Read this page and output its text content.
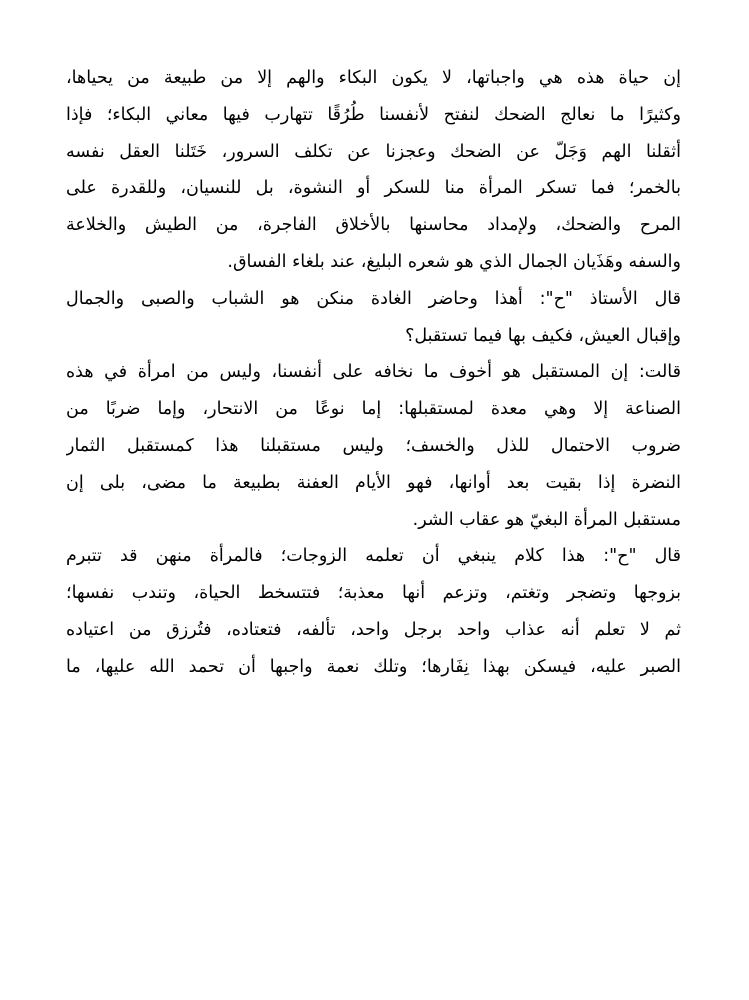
إن حياة هذه هي واجباتها، لا يكون البكاء والهم إلا من طبيعة من يحياها،
وكثيرًا ما نعالج الضحك لنفتح لأنفسنا طُرُقًا تتهارب فيها معاني البكاء؛ فإذا
أثقلنا الهم وَجَلّ عن الضحك وعجزنا عن تكلف السرور، خَتَلنا العقل نفسه
بالخمر؛ فما تسكر المرأة منا للسكر أو النشوة، بل للنسيان، وللقدرة على
المرح والضحك، ولإمداد محاسنها بالأخلاق الفاجرة، من الطيش والخلاعة
والسفه وهَذَيان الجمال الذي هو شعره البليغ، عند بلغاء الفساق.
قال الأستاذ "ح": أهذا وحاضر الغادة منكن هو الشباب والصبى والجمال
وإقبال العيش، فكيف بها فيما تستقبل؟
قالت: إن المستقبل هو أخوف ما نخافه على أنفسنا، وليس من امرأة في هذه
الصناعة إلا وهي معدة لمستقبلها: إما نوعًا من الانتحار، وإما ضربًا من
ضروب الاحتمال للذل والخسف؛ وليس مستقبلنا هذا كمستقبل الثمار
النضرة إذا بقيت بعد أوانها، فهو الأيام العفنة بطبيعة ما مضى، بلى إن
مستقبل المرأة البغيّ هو عقاب الشر.
قال "ح": هذا كلام ينبغي أن تعلمه الزوجات؛ فالمرأة منهن قد تتبرم
بزوجها وتضجر وتغتم، وتزعم أنها معذبة؛ فتتسخط الحياة، وتندب نفسها؛
ثم لا تعلم أنه عذاب واحد برجل واحد، تألفه، فتعتاده، فتُرزق من اعتياده
الصبر عليه، فيسكن بهذا نِفَارها؛ وتلك نعمة واجبها أن تحمد الله عليها، ما
